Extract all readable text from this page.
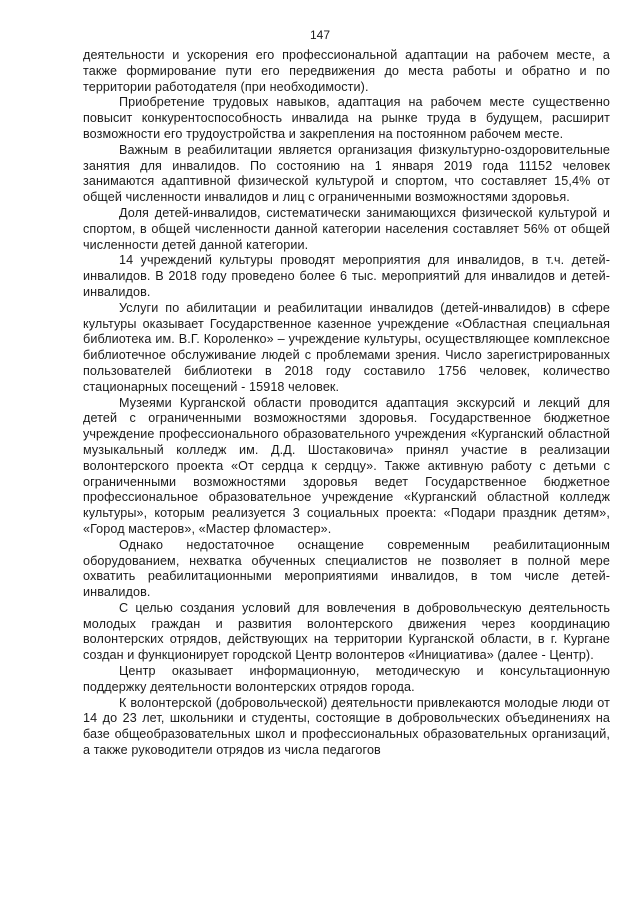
147

деятельности и ускорения его профессиональной адаптации на рабочем месте, а также формирование пути его передвижения до места работы и обратно и по территории работодателя (при необходимости).

Приобретение трудовых навыков, адаптация на рабочем месте существенно повысит конкурентоспособность инвалида на рынке труда в будущем, расширит возможности его трудоустройства и закрепления на постоянном рабочем месте.

Важным в реабилитации является организация физкультурно-оздоровительные занятия для инвалидов. По состоянию на 1 января 2019 года 11152 человек занимаются адаптивной физической культурой и спортом, что составляет 15,4% от общей численности инвалидов и лиц с ограниченными возможностями здоровья.

Доля детей-инвалидов, систематически занимающихся физической культурой и спортом, в общей численности данной категории населения составляет 56% от общей численности детей данной категории.

14 учреждений культуры проводят мероприятия для инвалидов, в т.ч. детей-инвалидов. В 2018 году проведено более 6 тыс. мероприятий для инвалидов и детей-инвалидов.

Услуги по абилитации и реабилитации инвалидов (детей-инвалидов) в сфере культуры оказывает Государственное казенное учреждение «Областная специальная библиотека им. В.Г. Короленко» – учреждение культуры, осуществляющее комплексное библиотечное обслуживание людей с проблемами зрения. Число зарегистрированных пользователей библиотеки в 2018 году составило 1756 человек, количество стационарных посещений - 15918 человек.

Музеями Курганской области проводится адаптация экскурсий и лекций для детей с ограниченными возможностями здоровья. Государственное бюджетное учреждение профессионального образовательного учреждения «Курганский областной музыкальный колледж им. Д.Д. Шостаковича» принял участие в реализации волонтерского проекта «От сердца к сердцу». Также активную работу с детьми с ограниченными возможностями здоровья ведет Государственное бюджетное профессиональное образовательное учреждение «Курганский областной колледж культуры», которым реализуется 3 социальных проекта: «Подари праздник детям», «Город мастеров», «Мастер фломастер».

Однако недостаточное оснащение современным реабилитационным оборудованием, нехватка обученных специалистов не позволяет в полной мере охватить реабилитационными мероприятиями инвалидов, в том числе детей-инвалидов.

С целью создания условий для вовлечения в добровольческую деятельность молодых граждан и развития волонтерского движения через координацию волонтерских отрядов, действующих на территории Курганской области, в г. Кургане создан и функционирует городской Центр волонтеров «Инициатива» (далее - Центр).

Центр оказывает информационную, методическую и консультационную поддержку деятельности волонтерских отрядов города.

К волонтерской (добровольческой) деятельности привлекаются молодые люди от 14 до 23 лет, школьники и студенты, состоящие в добровольческих объединениях на базе общеобразовательных школ и профессиональных образовательных организаций, а также руководители отрядов из числа педагогов
